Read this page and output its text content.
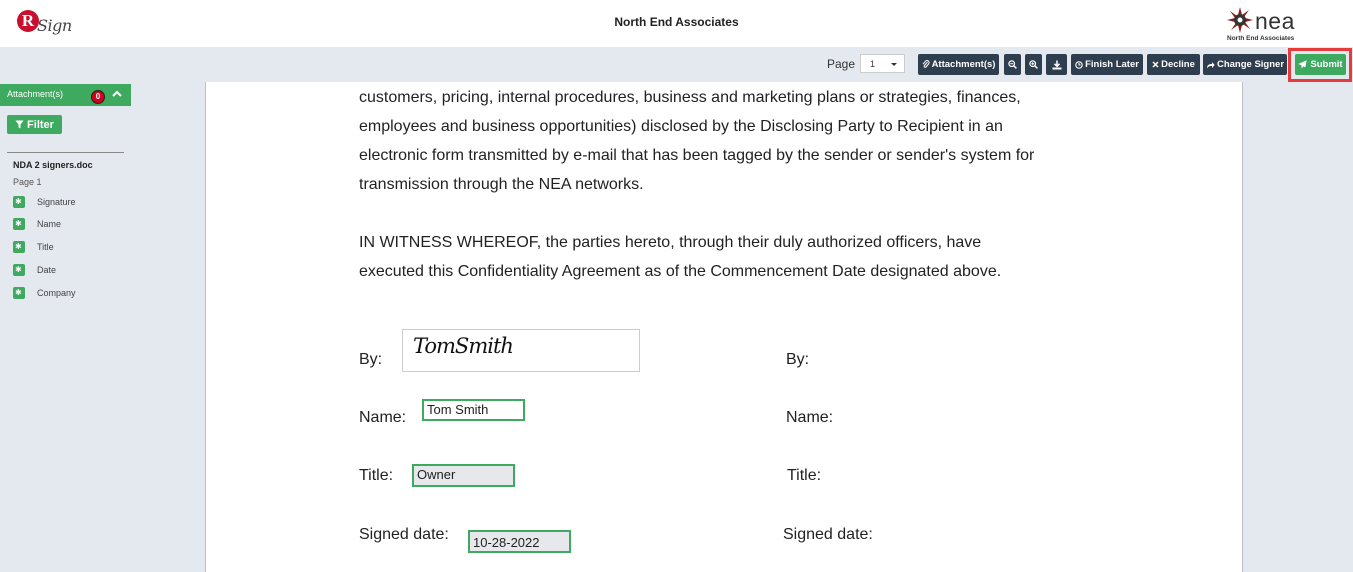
R Sign	North End Associates	nea
North End Associates
Page	1	Attachment(s)	Finish Later Decline Change Signer	Submit
Attachment(s)	0
Filter
NDA 2 signers.doc
Page 1
✱
Signature
✱
Name
✱
Title
✱
Date
✱
Company
customers, pricing, internal procedures, business and marketing plans or strategies, finances,
employees and business opportunities) disclosed by the Disclosing Party to Recipient in an
electronic form transmitted by e-mail that has been tagged by the sender or sender's system for
transmission through the NEA networks.
IN WITNESS WHEREOF, the parties hereto, through their duly authorized officers, have
executed this Confidentiality Agreement as of the Commencement Date designated above.
By:
TomSmith
Name:	Tom Smith
Title:	Owner
Signed date:	10-28-2022
By:
Name:
Title:
Signed date:
